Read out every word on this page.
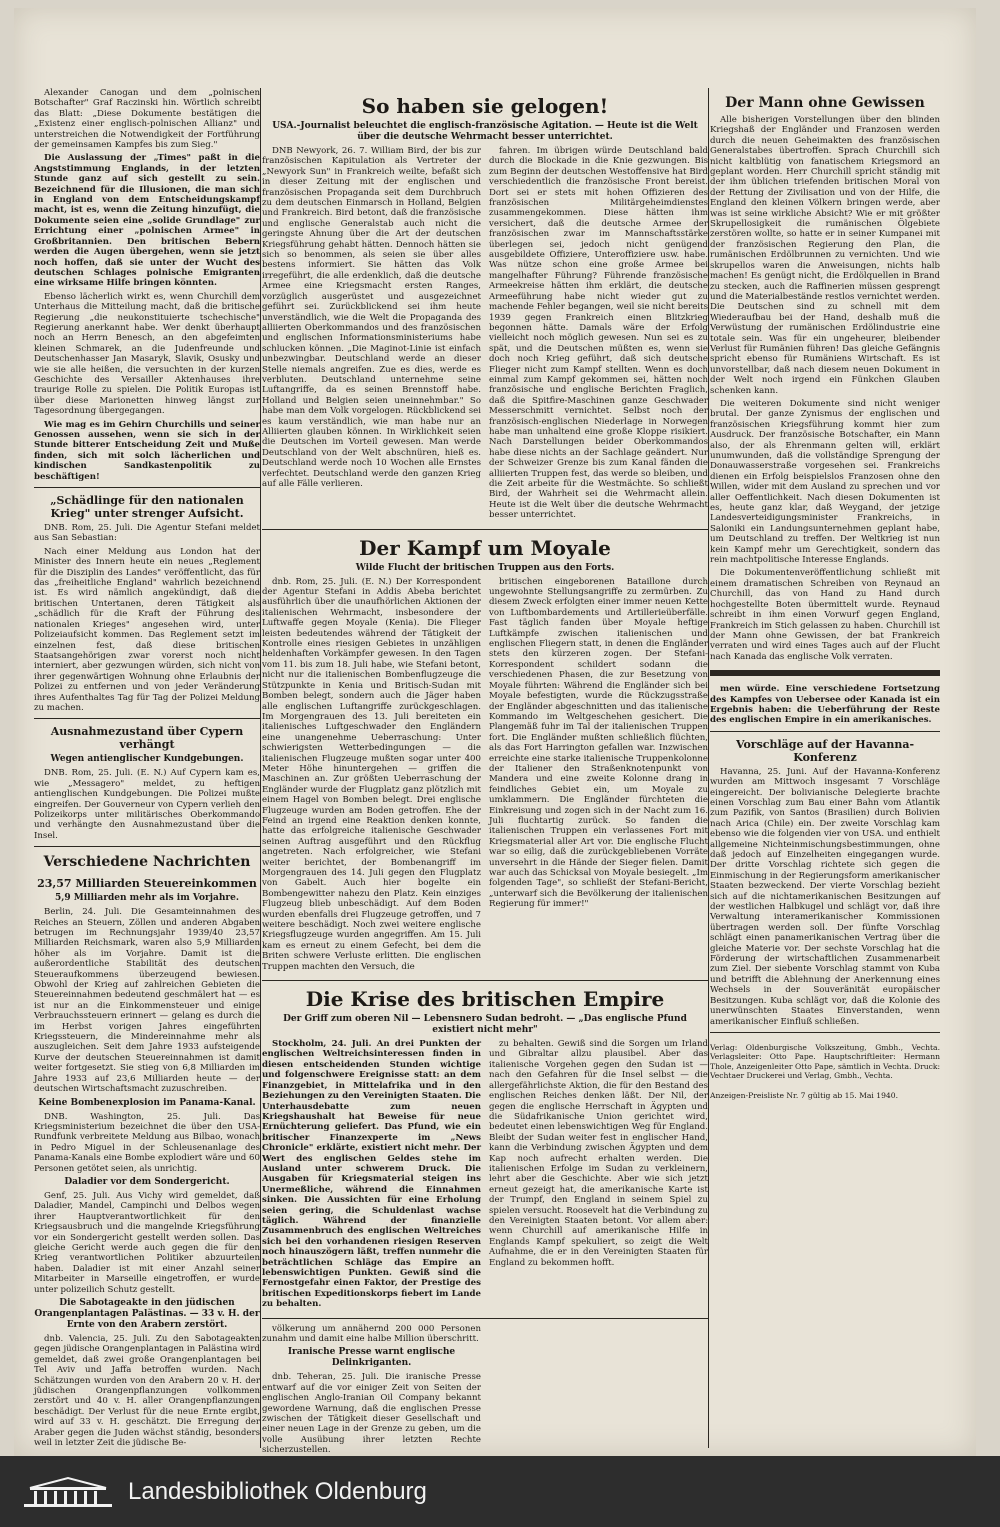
Alexander Canogan und dem „polnischen Botschafter" Graf Raczinski hin. Wörtlich schreibt das Blatt: „Diese Dokumente bestätigen die „Existenz einer englisch-polnischen Allianz" und unterstreichen die Notwendigkeit der Fortführung der gemeinsamen Kampfes bis zum Sieg."

Die Auslassung der „Times" paßt in die Angststimmung Englands, in der letzten Stunde ganz auf sich gestellt zu sein. Bezeichnend für die Illusionen, die man sich in England von dem Entscheidungskampf macht, ist es, wenn die Zeitung hinzufügt, die Dokumente seien eine „solide Grundlage" zur Errichtung einer „polnischen Armee" in Großbritannien. Den britischen Bebern werden die Augen übergehen, wenn sie jetzt noch hoffen, daß sie unter der Wucht des deutschen Schlages polnische Emigranten eine wirksame Hilfe bringen könnten.

Ebenso lächerlich wirkt es, wenn Churchill dem Unterhaus die Mitteilung macht, daß die britische Regierung „die neukonstituierte tschechische" Regierung anerkannt habe. Wer denkt überhaupt noch an Herrn Benesch, an den abgefeimten kleinen Schmarek, an die Judenfreunde und Deutschenhasser Jan Masaryk, Slavik, Osusky und wie sie alle heißen, die versuchten in der kurzen Geschichte des Versailler Aktenhauses ihre traurige Rolle zu spielen. Die Politik Europas ist über diese Marionetten hinweg längst zur Tagesordnung übergegangen.

Wie mag es im Gehirn Churchills und seiner Genossen aussehen, wenn sie sich in der Stunde bitterer Entscheidung Zeit und Muße finden, sich mit solch lächerlichen und kindischen Sandkastenpolitik zu beschäftigen!

„Schädlinge für den nationalen Krieg" unter strenger Aufsicht.

DNB. Rom, 25. Juli. Die Agentur Stefani meldet aus San Sebastian:

Nach einer Meldung aus London hat der Minister des Innern heute ein neues „Reglement für die Disziplin des Landes" veröffentlicht, das für das „freiheitliche England" wahrlich bezeichnend ist. Es wird nämlich angekündigt, daß die britischen Untertanen, deren Tätigkeit als „schädlich für die Kraft der Führung des nationalen Krieges" angesehen wird, unter Polizeiaufsicht kommen. Das Reglement setzt im einzelnen fest, daß diese britischen Staatsangehörigen zwar vorerst noch nicht interniert, aber gezwungen würden, sich nicht von ihrer gegenwärtigen Wohnung ohne Erlaubnis der Polizei zu entfernen und von jeder Veränderung ihres Aufenthaltes Tag für Tag der Polizei Meldung zu machen.

Ausnahmezustand über Cypern verhängt
Wegen antienglischer Kundgebungen.

DNB. Rom, 25. Juli. (E. N.) Auf Cypern kam es, wie „Messagero" meldet, zu heftigen antienglischen Kundgebungen. Die Polizei mußte eingreifen. Der Gouverneur von Cypern verlieh den Polizeikorps unter militärisches Oberkommando und verhängte den Ausnahmezustand über die Insel.

Verschiedene Nachrichten
23,57 Milliarden Steuereinkommen
5,9 Milliarden mehr als im Vorjahre.

Berlin, 24. Juli. Die Gesamteinnahmen des Reiches an Steuern, Zöllen und anderen Abgaben betrugen im Rechnungsjahr 1939/40 23,57 Milliarden Reichsmark, waren also 5,9 Milliarden höher als im Vorjahre. Damit ist die außerordentliche Stabilität des deutschen Steueraufkommens überzeugend bewiesen. Obwohl der Krieg auf zahlreichen Gebieten die Steuereinnahmen bedeutend geschmälert hat — es ist nur an die Einkommensteuer und einige Verbrauchssteuern erinnert — gelang es durch die im Herbst vorigen Jahres eingeführten Kriegssteuern, die Mindereinnahme mehr als auszugleichen. Seit dem Jahre 1933 aufsteigende Kurve der deutschen Steuereinnahmen ist damit weiter fortgesetzt. Sie stieg von 6,8 Milliarden im Jahre 1933 auf 23,6 Milliarden heute — der deutschen Wirtschaftsmacht zuzuschreiben.

Keine Bombenexplosion im Panama-Kanal.

DNB. Washington, 25. Juli. Das Kriegsministerium bezeichnet die über den USA-Rundfunk verbreitete Meldung aus Bilbao, wonach in Pedro Miguel in der Schleusenanlage des Panama-Kanals eine Bombe explodiert wäre und 60 Personen getötet seien, als unrichtig.

Daladier vor dem Sondergericht.

Genf, 25. Juli. Aus Vichy wird gemeldet, daß Daladier, Mandel, Campinchi und Delbos wegen ihrer Hauptverantwortlichkeit für den Kriegsausbruch und die mangelnde Kriegsführung vor ein Sondergericht gestellt werden sollen. Das gleiche Gericht werde auch gegen die für den Krieg verantwortlichen Politiker abzuurteilen haben. Daladier ist mit einer Anzahl seiner Mitarbeiter in Marseille eingetroffen, er wurde unter polizeilich Schutz gestellt.

Die Sabotageakte in den jüdischen Orangenplantagen Palästinas. — 33 v. H. der Ernte von den Arabern zerstört.

dnb. Valencia, 25. Juli. Zu den Sabotageakten gegen jüdische Orangenplantagen in Palästina wird gemeldet, daß zwei große Orangenplantagen bei Tel Aviv und Jaffa betroffen wurden. Nach Schätzungen wurden von den Arabern 20 v. H. der jüdischen Orangenpflanzungen vollkommen zerstört und 40 v. H. aller Orangenpflanzungen beschädigt. Der Verlust für die neue Ernte ergibt, wird auf 33 v. H. geschätzt. Die Erregung der Araber gegen die Juden wächst ständig, besonders weil in letzter Zeit die jüdische Be-

So haben sie gelogen!
USA.-Journalist beleuchtet die englisch-französische Agitation. — Heute ist die Welt über die deutsche Wehrmacht besser unterrichtet.

DNB Newyork, 26. 7. William Bird, der bis zur französischen Kapitulation als Vertreter der „Newyork Sun" in Frankreich weilte, befaßt sich in dieser Zeitung mit der englischen und französischen Propaganda seit dem Durchbruch zu dem deutschen Einmarsch in Holland, Belgien und Frankreich. Bird betont, daß die französische und englische Generalstab auch nicht die geringste Ahnung über die Art der deutschen Kriegsführung gehabt hätten. Dennoch hätten sie sich so benommen, als seien sie über alles bestens informiert. Sie hätten das Volk irregeführt, die alle erdenklich, daß die deutsche Armee eine Kriegsmacht ersten Ranges, vorzüglich ausgerüstet und ausgezeichnet geführt sei. Zurückblickend sei ihm heute unverständlich, wie die Welt die Propaganda des alliierten Oberkommandos und des französischen und englischen Informationsministeriums habe schlucken können. „Die Maginot-Linie ist einfach unbezwingbar. Deutschland werde an dieser Stelle niemals angreifen. Zue es dies, werde es verbluten. Deutschland unternehme seine Luftangriffe, da es seinen Brennstoff habe. Holland und Belgien seien uneinnehmbar." So habe man dem Volk vorgelogen. Rückblickend sei es kaum verständlich, wie man habe nur an Alliierten glauben können. In Wirklichkeit seien die Deutschen im Vorteil gewesen. Man werde Deutschland von der Welt abschnüren, hieß es. Deutschland werde noch 10 Wochen alle Ernstes verfechtet. Deutschland werde den ganzen Krieg auf alle Fälle verlieren.

fahren. Im übrigen würde Deutschland bald durch die Blockade in die Knie gezwungen. Bis zum Beginn der deutschen Westoffensive hat Bird verschiedentlich die französische Front bereist. Dort sei er stets mit hohen Offizieren des französischen Militärgeheimdienstes zusammengekommen. Diese hätten ihm versichert, daß die deutsche Armee der französischen zwar im Mannschaftsstärke überlegen sei, jedoch nicht genügend ausgebildete Offiziere, Unteroffiziere usw. habe. Was nütze schon eine große Armee bei mangelhafter Führung? Führende französische Armeekreise hätten ihm erklärt, die deutsche Armeeführung habe nicht wieder gut zu machende Fehler begangen, weil sie nicht bereits 1939 gegen Frankreich einen Blitzkrieg begonnen hätte. Damals wäre der Erfolg vielleicht noch möglich gewesen. Nun sei es zu spät, und die Deutschen müßten es, wenn sie doch noch Krieg geführt, daß sich deutsche Flieger nicht zum Kampf stellten. Wenn es doch einmal zum Kampf gekommen sei, hätten noch französische und englische Berichten Fraglich, daß die Spitfire-Maschinen ganze Geschwader Messerschmitt vernichtet. Selbst noch der französisch-englischen Niederlage in Norwegen habe man unhaltend eine große Kloppe risikiert. Nach Darstellungen beider Oberkommandos habe diese nichts an der Sachlage geändert. Nur der Schweizer Grenze bis zum Kanal fänden die alliierten Truppen fest, das werde so bleiben, und die Zeit arbeite für die Westmächte. So schließt Bird, der Wahrheit sei die Wehrmacht allein. Heute ist die Welt über die deutsche Wehrmacht besser unterrichtet.

Der Kampf um Moyale
Wilde Flucht der britischen Truppen aus den Forts.

dnb. Rom, 25. Juli. (E. N.) Der Korrespondent der Agentur Stefani in Addis Abeba berichtet ausführlich über die unaufhörlichen Aktionen der italienischen Wehrmacht, insbesondere der Luftwaffe gegen Moyale (Kenia). Die Flieger leisten bedeutendes während der Tätigkeit der Kontrolle eines riesigen Gebietes in unzähligen heldenhaften Vorkämpfer gewesen. In den Tagen vom 11. bis zum 18. Juli habe, wie Stefani betont, nicht nur die italienischen Bombenflugzeuge die Stützpunkte in Kenia und Britisch-Sudan mit Bomben belegt, sondern auch die Jäger haben alle englischen Luftangriffe zurückgeschlagen. Im Morgengrauen des 13. Juli bereiteten ein italienisches Luftgeschwader den Engländern eine unangenehme Ueberraschung: Unter schwierigsten Wetterbedingungen — die italienischen Flugzeuge mußten sogar unter 400 Meter Höhe hinuntergehen — griffen die Maschinen an. Zur größten Ueberraschung der Engländer wurde der Flugplatz ganz plötzlich mit einem Hagel von Bomben belegt. Drei englische Flugzeuge wurden am Boden getroffen. Ehe der Feind an irgend eine Reaktion denken konnte, hatte das erfolgreiche italienische Geschwader seinen Auftrag ausgeführt und den Rückflug angetreten. Nach erfolgreicher, wie Stefani weiter berichtet, der Bombenangriff im Morgengrauen des 14. Juli gegen den Flugplatz von Gabelt. Auch hier bogelte ein Bombengewitter nahezu den Platz. Kein einziges Flugzeug blieb unbeschädigt. Auf dem Boden wurden ebenfalls drei Flugzeuge getroffen, und 7 weitere beschädigt. Noch zwei weitere englische Kriegsflugzeuge wurden angegriffen. Am 15. Juli kam es erneut zu einem Gefecht, bei dem die Briten schwere Verluste erlitten. Die englischen Truppen machten den Versuch, die

britischen eingeborenen Bataillone durch ungewohnte Stellungsangriffe zu zermürben. Zu diesem Zweck erfolgten einer immer neuen Kette von Luftbombardements und Artillerieüberfälle. Fast täglich fanden über Moyale heftige Luftkämpfe zwischen italienischen und englischen Fliegern statt, in denen die Engländer stets den kürzeren zogen. Der Stefani-Korrespondent schildert sodann die verschiedenen Phasen, die zur Besetzung von Moyale führten: Während die Engländer sich bei Moyale befestigten, wurde die Rückzugsstraße der Engländer abgeschnitten und das italienische Kommando im Weltgeschehen gesichert. Die Plangemäß fuhr im Tal der italienischen Truppen fort. Die Engländer mußten schließlich flüchten, als das Fort Harrington gefallen war. Inzwischen erreichte eine starke italienische Truppenkolonne der Italiener den Straßenknotenpunkt von Mandera und eine zweite Kolonne drang in feindliches Gebiet ein, um Moyale zu umklammern. Die Engländer fürchteten die Einkreisung und zogen sich in der Nacht zum 16. Juli fluchtartig zurück. So fanden die italienischen Truppen ein verlassenes Fort mit Kriegsmaterial aller Art vor. Die englische Flucht war so eilig, daß die zurückgebliebenen Vorräte unversehrt in die Hände der Sieger fielen. Damit war auch das Schicksal von Moyale besiegelt. „Im folgenden Tage", so schließt der Stefani-Bericht, „unterwarf sich die Bevölkerung der italienischen Regierung für immer!"

Die Krise des britischen Empire
Der Griff zum oberen Nil — Lebensnero Sudan bedroht. — „Das englische Pfund existiert nicht mehr"

Stockholm, 24. Juli. An drei Punkten der englischen Weltreichsinteressen finden in diesen entscheidenden Stunden wichtige und folgenschwere Ereignisse statt: an dem Finanzgebiet, in Mittelafrika und in den Beziehungen zu den Vereinigten Staaten. Die Unterhausdebatte zum neuen Kriegshaushalt hat Beweise für neue Ernüchterung geliefert. Das Pfund, wie ein britischer Finanzexperte im „News Chronicle" erklärte, existiert nicht mehr. Der Wert des englischen Geldes stehe im Ausland unter schwerem Druck. Die Ausgaben für Kriegsmaterial steigen ins Unermeßliche, während die Einnahmen sinken. Die Aussichten für eine Erholung seien gering, die Schuldenlast wachse täglich. Während der finanzielle Zusammenbruch des englischen Weltreiches sich bei den vorhandenen riesigen Reserven noch hinauszögern läßt, treffen nunmehr die beträchtlichen Schläge das Empire an lebenswichtigen Punkten. Gewiß sind die Fernostgefahr einen Faktor, der Prestige des britischen Expeditionskorps fiebert im Lande zu behalten.

zu behalten. Gewiß sind die Sorgen um Irland und Gibraltar allzu plausibel. Aber das italienische Vorgehen gegen den Sudan ist — nach den Gefahren für die Insel selbst — die allergefährlichste Aktion, die für den Bestand des englischen Reiches denken läßt. Der Nil, der gegen die englische Herrschaft in Ägypten und die Südafrikanische Union gerichtet wird, bedeutet einen lebenswichtigen Weg für England. Bleibt der Sudan weiter fest in englischer Hand, kann die Verbindung zwischen Ägypten und dem Kap noch aufrecht erhalten werden. Die italienischen Erfolge im Sudan zu verkleinern, lehrt aber die Geschichte. Aber wie sich jetzt erneut gezeigt hat, die amerikanische Karte ist der Trumpf, den England in seinem Spiel zu spielen versucht. Roosevelt hat die Verbindung zu den Vereinigten Staaten betont. Vor allem aber: wenn Churchill auf amerikanische Hilfe in Englands Kampf spekuliert, so zeigt die Welt Aufnahme, die er in den Vereinigten Staaten für England zu bekommen hofft.

völkerung um annähernd 200 000 Personen zunahm und damit eine halbe Million überschritt.

Iranische Presse warnt englische Delinkriganten.

dnb. Teheran, 25. Juli. Die iranische Presse entwarf auf die vor einiger Zeit von Seiten der englischen Anglo-Iranian Oil Company bekannt gewordene Warnung, daß die englischen Presse zwischen der Tätigkeit dieser Gesellschaft und einer neuen Lage in der Grenze zu geben, um die volle Ausübung ihrer letzten Rechte sicherzustellen.

Der Mann ohne Gewissen

Alle bisherigen Vorstellungen über den blinden Kriegshaß der Engländer und Franzosen werden durch die neuen Geheimakten des französischen Generalstabes übertroffen. Sprach Churchill sich nicht kaltblütig von fanatischem Kriegsmord an geplant worden. Herr Churchill spricht ständig mit der ihm üblichen triefenden britischen Moral von der Rettung der Zivilisation und von der Hilfe, die England den kleinen Völkern bringen werde, aber was ist seine wirkliche Absicht? Wie er mit größter Skrupellosigkeit die rumänischen Ölgebiete zerstören wollte, so hatte er in seiner Kumpanei mit der französischen Regierung den Plan, die rumänischen Erdölbrunnen zu vernichten. Und wie skrupellos waren die Anweisungen, nichts halb machen! Es genügt nicht, die Erdölquellen in Brand zu stecken, auch die Raffinerien müssen gesprengt und die Materialbestände restlos vernichtet werden. Die Deutschen sind zu schnell mit dem Wiederaufbau bei der Hand, deshalb muß die Verwüstung der rumänischen Erdölindustrie eine totale sein. Was für ein ungeheurer, bleibender Verlust für Rumänien führen! Das gleiche Gefängnis spricht ebenso für Rumäniens Wirtschaft. Es ist unvorstellbar, daß nach diesem neuen Dokument in der Welt noch irgend ein Fünkchen Glauben schenken kann.

Die weiteren Dokumente sind nicht weniger brutal. Der ganze Zynismus der englischen und französischen Kriegsführung kommt hier zum Ausdruck. Der französische Botschafter, ein Mann also, der als Ehrenmann gelten will, erklärt unumwunden, daß die vollständige Sprengung der Donauwasserstraße vorgesehen sei. Frankreichs dienen ein Erfolg beispielslos Franzosen ohne den Willen, wider mit dem Ausland zu sprechen und vor aller Oeffentlichkeit. Nach diesen Dokumenten ist es, heute ganz klar, daß Weygand, der jetzige Landesverteidigungsminister Frankreichs, in Saloniki ein Landungsunternehmen geplant habe, um Deutschland zu treffen. Der Weltkrieg ist nun kein Kampf mehr um Gerechtigkeit, sondern das rein machtpolitische Interesse Englands.

Die Dokumentenveröffentlichung schließt mit einem dramatischen Schreiben von Reynaud an Churchill, das von Hand zu Hand durch hochgestellte Boten übermittelt wurde. Reynaud schreibt in ihm einen Vorwurf gegen England, Frankreich im Stich gelassen zu haben. Churchill ist der Mann ohne Gewissen, der bat Frankreich verraten und wird eines Tages auch auf der Flucht nach Kanada das englische Volk verraten.

men würde. Eine verschiedene Fortsetzung des Kampfes von Uebersee oder Kanada ist ein Ergebnis haben: die Ueberführung der Reste des englischen Empire in ein amerikanisches.

Vorschläge auf der Havanna-Konferenz

Havanna, 25. Juni. Auf der Havanna-Konferenz wurden am Mittwoch insgesamt 7 Vorschläge eingereicht. Der bolivianische Delegierte brachte einen Vorschlag zum Bau einer Bahn vom Atlantik zum Pazifik, von Santos (Brasilien) durch Bolivien nach Arica (Chile) ein. Der zweite Vorschlag kam ebenso wie die folgenden vier von USA. und enthielt allgemeine Nichteinmischungsbestimmungen, ohne daß jedoch auf Einzelheiten eingegangen wurde. Der dritte Vorschlag richtete sich gegen die Einmischung in der Regierungsform amerikanischer Staaten bezweckend. Der vierte Vorschlag bezieht sich auf die nichtamerikanischen Besitzungen auf der westlichen Halbkugel und schlägt vor, daß ihre Verwaltung interamerikanischer Kommissionen übertragen werden soll. Der fünfte Vorschlag schlägt einen panamerikanischen Vertrag über die gleiche Materie vor. Der sechste Vorschlag hat die Förderung der wirtschaftlichen Zusammenarbeit zum Ziel. Der siebente Vorschlag stammt von Kuba und betrifft die Ablehnung der Anerkennung eines Wechsels in der Souveränität europäischer Besitzungen. Kuba schlägt vor, daß die Kolonie des unerwünschten Staates Einverstanden, wenn amerikanischer Einfluß schließen.

Verlag: Oldenburgische Volkszeitung, Gmbh., Vechta. Verlagsleiter: Otto Pape. Hauptschriftleiter: Hermann Thole, Anzeigenleiter Otto Pape, sämtlich in Vechta. Druck: Vechtaer Druckerei und Verlag, Gmbh., Vechta.
Anzeigen-Preisliste Nr. 7 gültig ab 15. Mai 1940.
Landesbibliothek Oldenburg
